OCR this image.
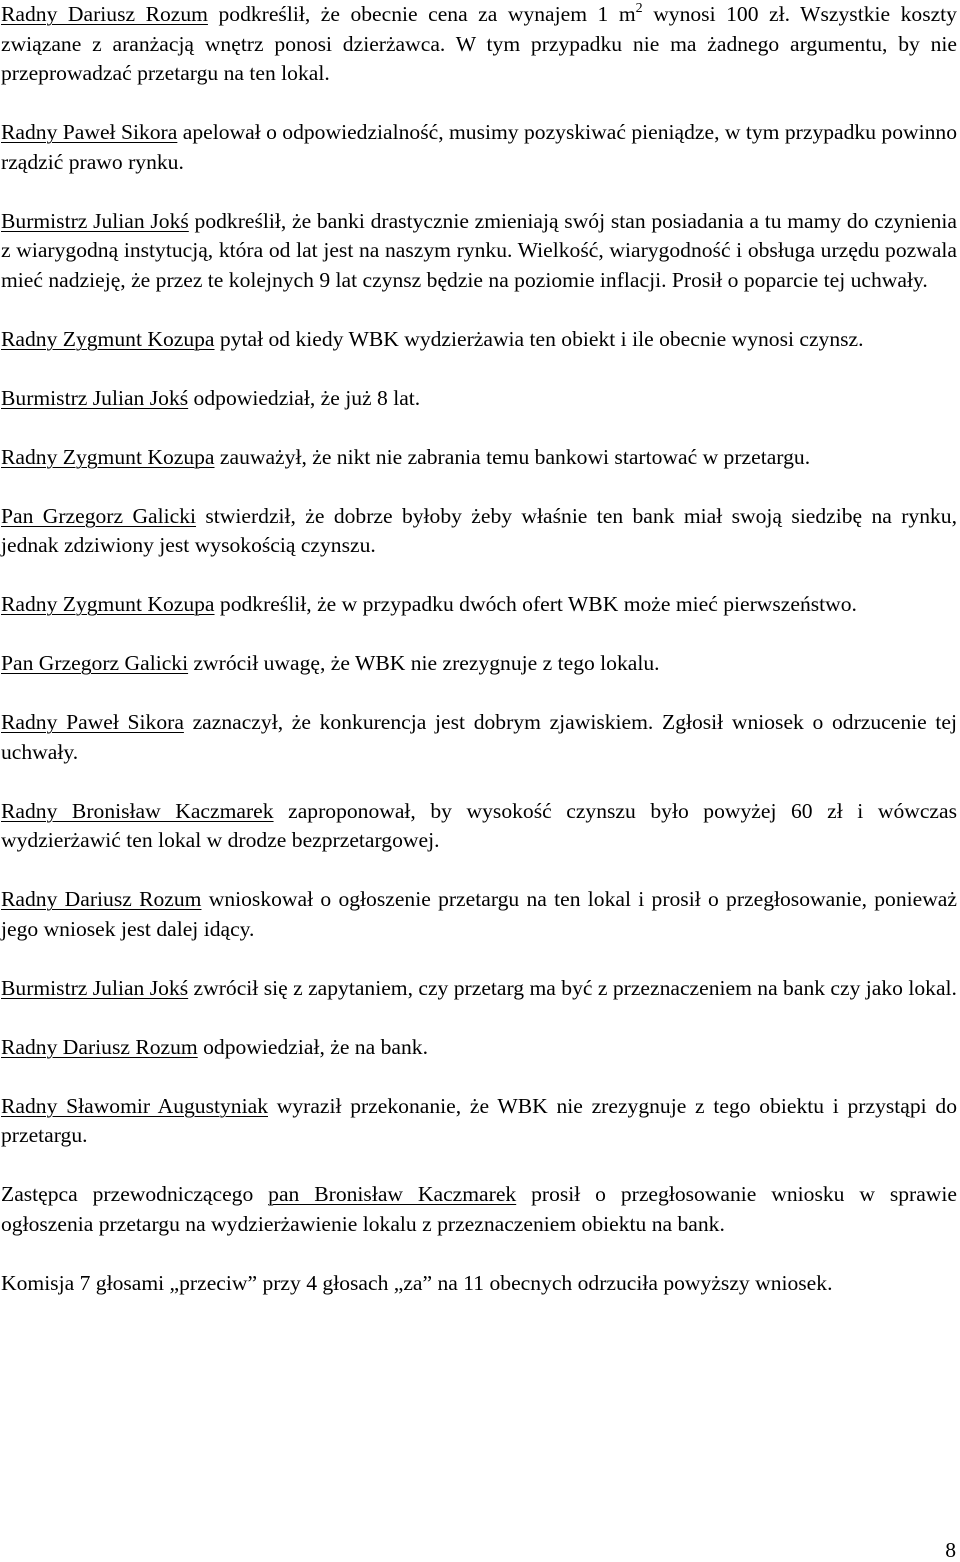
Radny Dariusz Rozum podkreślił, że obecnie cena za wynajem 1 $m^2$ wynosi 100 zł. Wszystkie koszty związane z aranżacją wnętrz ponosi dzierżawca. W tym przypadku nie ma żadnego argumentu, by nie przeprowadzać przetargu na ten lokal.

Radny Paweł Sikora apelował o odpowiedzialność, musimy pozyskiwać pieniądze, w tym przypadku powinno rządzić prawo rynku.

Burmistrz Julian Jokś podkreślił, że banki drastycznie zmieniają swój stan posiadania a tu mamy do czynienia z wiarygodną instytucją, która od lat jest na naszym rynku. Wielkość, wiarygodność i obsługa urzędu pozwala mieć nadzieję, że przez te kolejnych 9 lat czynsz będzie na poziomie inflacji. Prosił o poparcie tej uchwały.

Radny Zygmunt Kozupa pytał od kiedy WBK wydzierżawia ten obiekt i ile obecnie wynosi czynsz.

Burmistrz Julian Jokś odpowiedział, że już 8 lat.

Radny Zygmunt Kozupa zauważył, że nikt nie zabrania temu bankowi startować w przetargu.

Pan Grzegorz Galicki stwierdził, że dobrze byłoby żeby właśnie ten bank miał swoją siedzibę na rynku, jednak zdziwiony jest wysokością czynszu.

Radny Zygmunt Kozupa podkreślił, że w przypadku dwóch ofert WBK może mieć pierwszeństwo.

Pan Grzegorz Galicki zwrócił uwagę, że WBK nie zrezygnuje z tego lokalu.

Radny Paweł Sikora zaznaczył, że konkurencja jest dobrym zjawiskiem. Zgłosił wniosek o odrzucenie tej uchwały.

Radny Bronisław Kaczmarek zaproponował, by wysokość czynszu było powyżej 60 zł i wówczas wydzierżawić ten lokal w drodze bezprzetargowej.

Radny Dariusz Rozum wnioskował o ogłoszenie przetargu na ten lokal i prosił o przegłosowanie, ponieważ jego wniosek jest dalej idący.

Burmistrz Julian Jokś zwrócił się z zapytaniem, czy przetarg ma być z przeznaczeniem na bank czy jako lokal.

Radny Dariusz Rozum odpowiedział, że na bank.

Radny Sławomir Augustyniak wyraził przekonanie, że WBK nie zrezygnuje z tego obiektu i przystąpi do przetargu.

Zastępca przewodniczącego pan Bronisław Kaczmarek prosił o przegłosowanie wniosku w sprawie ogłoszenia przetargu na wydzierżawienie lokalu z przeznaczeniem obiektu na bank.

Komisja 7 głosami „przeciw” przy 4 głosach „za” na 11 obecnych odrzuciła powyższy wniosek.

8
